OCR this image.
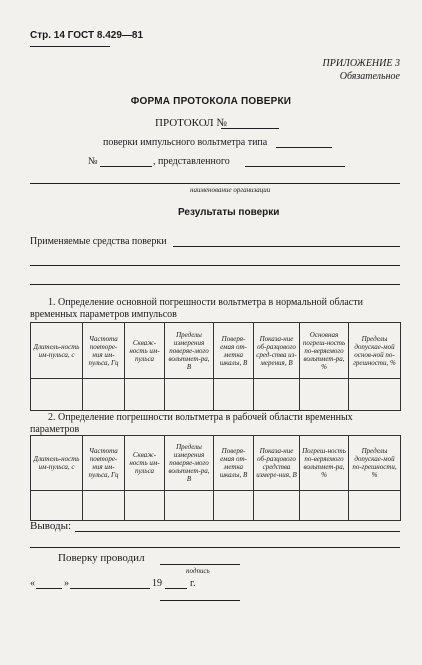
Стр. 14 ГОСТ 8.429—81
ПРИЛОЖЕНИЕ 3
Обязательное
ФОРМА ПРОТОКОЛА ПОВЕРКИ
ПРОТОКОЛ №
поверки импульсного вольтметра типа
№	, представленного
наименование организации
Результаты поверки
Применяемые средства поверки
1. Определение основной погрешности вольтметра в нормальной области временных параметров импульсов
Длитель-ность им-пульса, с	Частота повторе-ния им-пульса, Гц	Скваж-ность им-пульса	Пределы измерения поверяе-мого вольтмет-ра, В	Поверя-емая от-метка шкалы, В	Показа-ние об-разцового сред-ства из-мерения, В	Основная погреш-ность по-веряемого вольтмет-ра, %	Пределы допускае-мой основ-ной по-грешности, %

2. Определение погрешности вольтметра в рабочей области временных параметров
Длитель-ность им-пульса, с	Частота повторе-ния им-пульса, Гц	Скваж-ность им-пульса	Пределы измерения поверяе-мого вольтмет-ра, В	Поверя-емая от-метка шкалы, В	Показа-ние об-разцового средства измере-ния, В	Погреш-ность по-веряемого вольтмет-ра, %	Пределы допускае-мой по-грешности, %

Выводы:
Поверку проводил
подпись
«	»	19	г.
